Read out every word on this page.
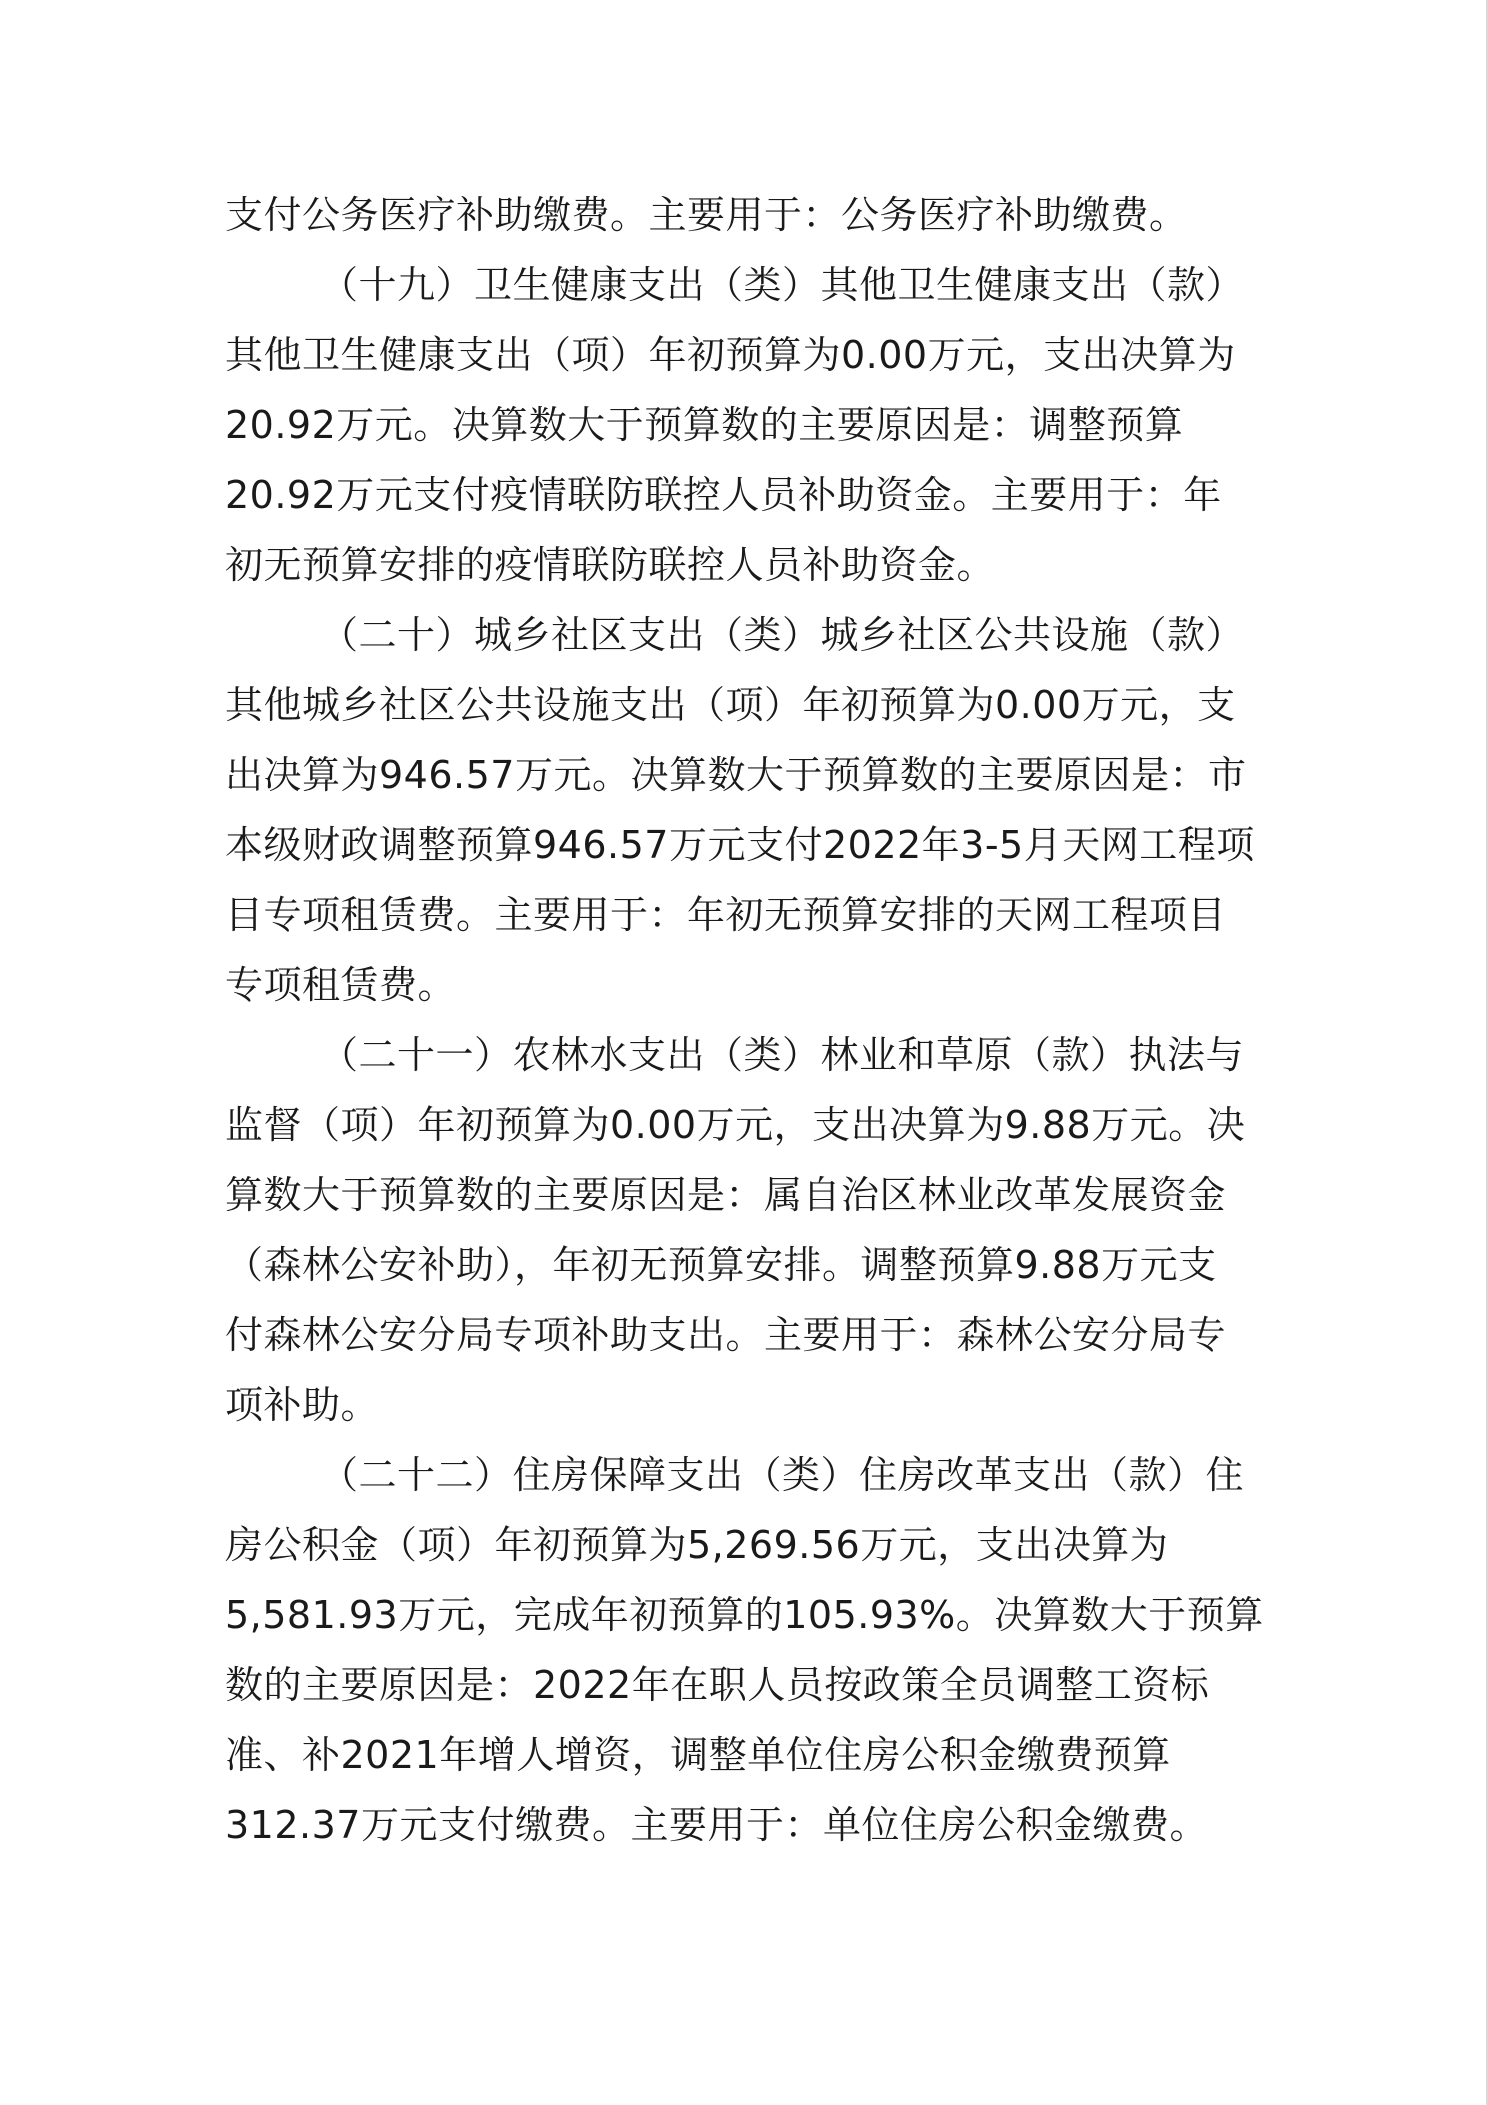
支付公务医疗补助缴费。主要用于：公务医疗补助缴费。
（十九）卫生健康支出（类）其他卫生健康支出（款）
其他卫生健康支出（项）年初预算为0.00万元，支出决算为
20.92万元。决算数大于预算数的主要原因是：调整预算
20.92万元支付疫情联防联控人员补助资金。主要用于：年
初无预算安排的疫情联防联控人员补助资金。
（二十）城乡社区支出（类）城乡社区公共设施（款）
其他城乡社区公共设施支出（项）年初预算为0.00万元，支
出决算为946.57万元。决算数大于预算数的主要原因是：市
本级财政调整预算946.57万元支付2022年3-5月天网工程项
目专项租赁费。主要用于：年初无预算安排的天网工程项目
专项租赁费。
（二十一）农林水支出（类）林业和草原（款）执法与
监督（项）年初预算为0.00万元，支出决算为9.88万元。决
算数大于预算数的主要原因是：属自治区林业改革发展资金
（森林公安补助），年初无预算安排。调整预算9.88万元支
付森林公安分局专项补助支出。主要用于：森林公安分局专
项补助。
（二十二）住房保障支出（类）住房改革支出（款）住
房公积金（项）年初预算为5,269.56万元，支出决算为
5,581.93万元，完成年初预算的105.93%。决算数大于预算
数的主要原因是：2022年在职人员按政策全员调整工资标
准、补2021年增人增资，调整单位住房公积金缴费预算
312.37万元支付缴费。主要用于：单位住房公积金缴费。
